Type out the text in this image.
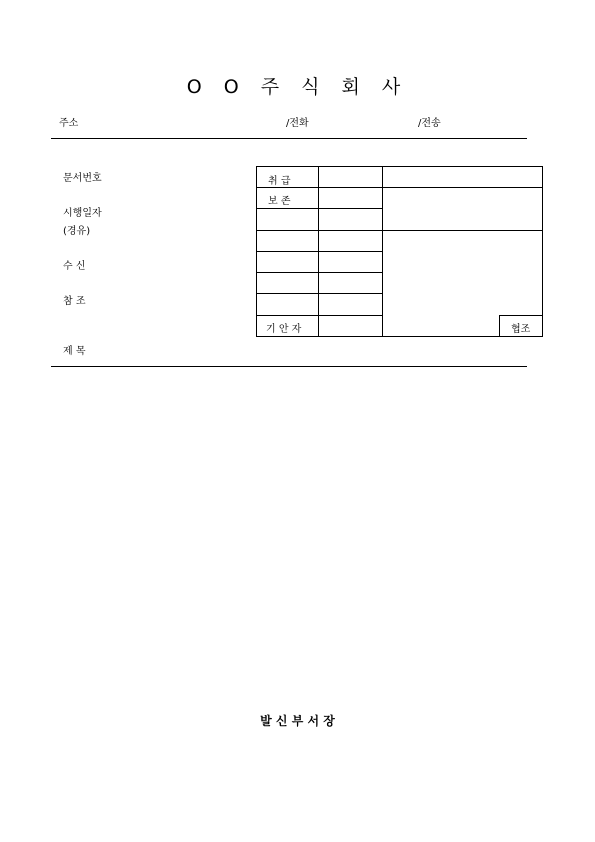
O O 주 식 회 사
주소	/전화	/전송
문서번호
시행일자
(경유)
수 신
참 조
제 목
취 급
보 존
기 안 자	협조
발 신 부 서 장
